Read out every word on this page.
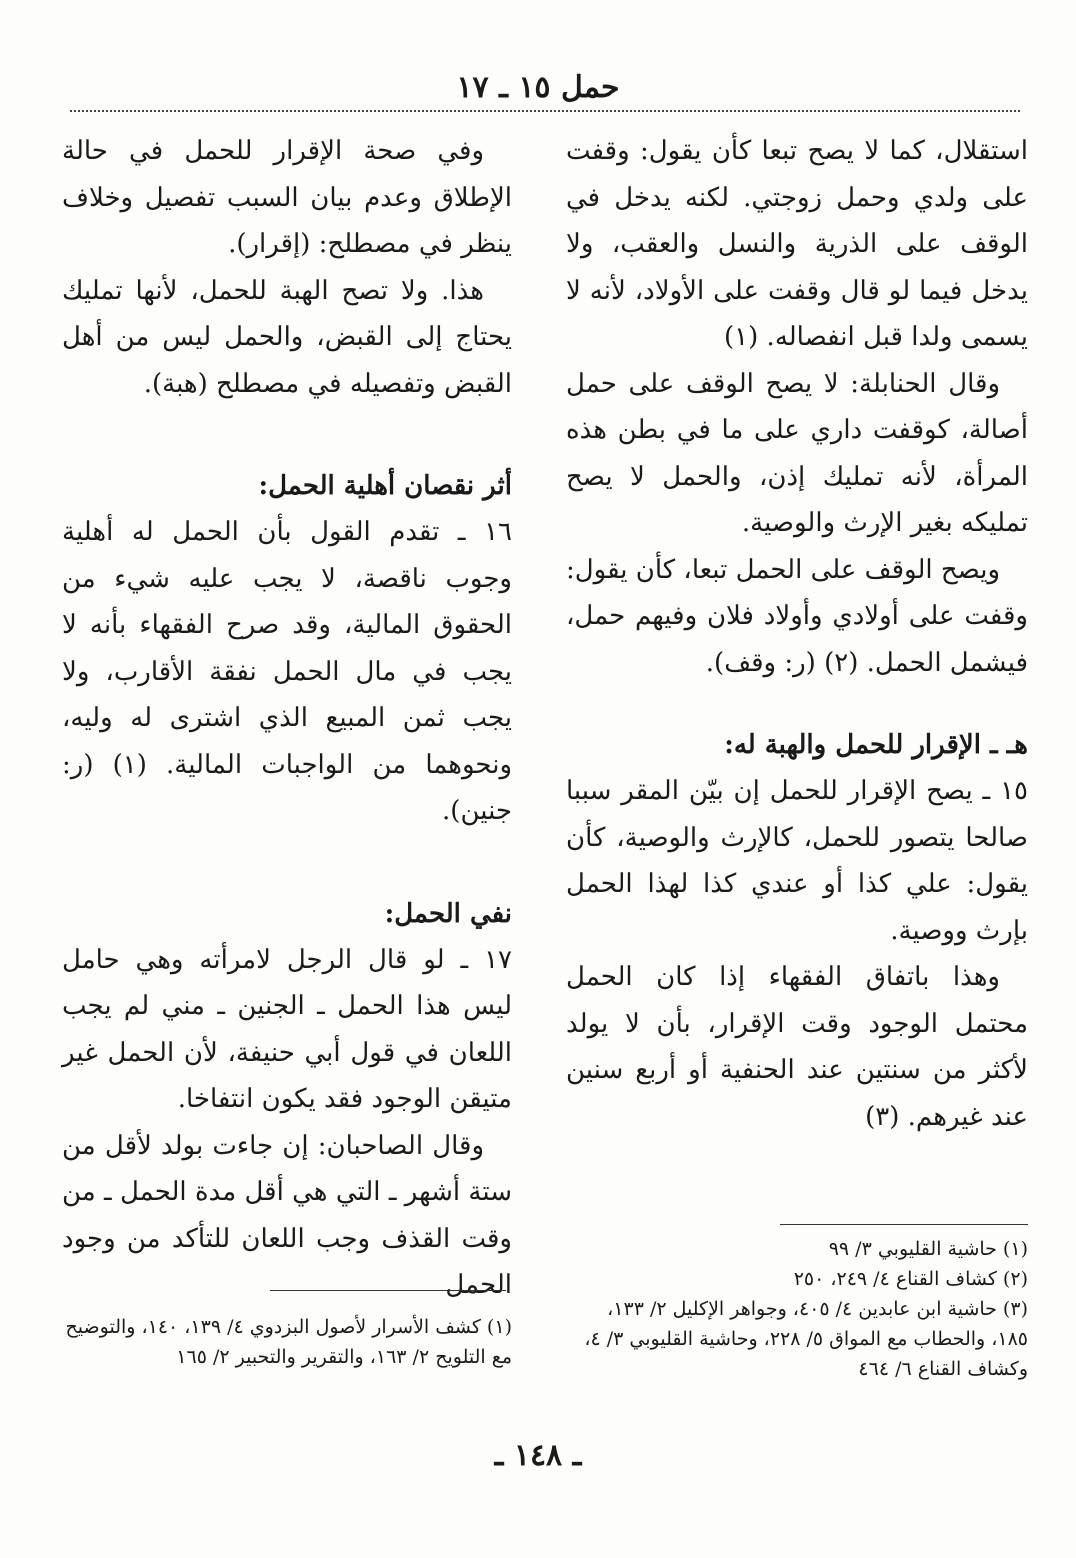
حمل ١٥ ـ ١٧

استقلال، كما لا يصح تبعا كأن يقول: وقفت على ولدي وحمل زوجتي. لكنه يدخل في الوقف على الذرية والنسل والعقب، ولا يدخل فيما لو قال وقفت على الأولاد، لأنه لا يسمى ولدا قبل انفصاله. (١)

وقال الحنابلة: لا يصح الوقف على حمل أصالة، كوقفت داري على ما في بطن هذه المرأة، لأنه تمليك إذن، والحمل لا يصح تمليكه بغير الإرث والوصية.

ويصح الوقف على الحمل تبعا، كأن يقول: وقفت على أولادي وأولاد فلان وفيهم حمل، فيشمل الحمل. (٢) (ر: وقف).

هـ ـ الإقرار للحمل والهبة له:

١٥ ـ يصح الإقرار للحمل إن بيّن المقر سببا صالحا يتصور للحمل، كالإرث والوصية، كأن يقول: علي كذا أو عندي كذا لهذا الحمل بإرث ووصية.

وهذا باتفاق الفقهاء إذا كان الحمل محتمل الوجود وقت الإقرار، بأن لا يولد لأكثر من سنتين عند الحنفية أو أربع سنين عند غيرهم. (٣)

وفي صحة الإقرار للحمل في حالة الإطلاق وعدم بيان السبب تفصيل وخلاف ينظر في مصطلح: (إقرار).

هذا. ولا تصح الهبة للحمل، لأنها تمليك يحتاج إلى القبض، والحمل ليس من أهل القبض وتفصيله في مصطلح (هبة).

أثر نقصان أهلية الحمل:

١٦ ـ تقدم القول بأن الحمل له أهلية وجوب ناقصة، لا يجب عليه شيء من الحقوق المالية، وقد صرح الفقهاء بأنه لا يجب في مال الحمل نفقة الأقارب، ولا يجب ثمن المبيع الذي اشترى له وليه، ونحوهما من الواجبات المالية. (١) (ر: جنين).

نفي الحمل:

١٧ ـ لو قال الرجل لامرأته وهي حامل ليس هذا الحمل ـ الجنين ـ مني لم يجب اللعان في قول أبي حنيفة، لأن الحمل غير متيقن الوجود فقد يكون انتفاخا.

وقال الصاحبان: إن جاءت بولد لأقل من ستة أشهر ـ التي هي أقل مدة الحمل ـ من وقت القذف وجب اللعان للتأكد من وجود الحمل

(١) حاشية القليوبي ٣/ ٩٩

(٢) كشاف القناع ٤/ ٢٤٩، ٢٥٠

(٣) حاشية ابن عابدين ٤/ ٤٠٥، وجواهر الإكليل ٢/ ١٣٣، ١٨٥، والحطاب مع المواق ٥/ ٢٢٨، وحاشية القليوبي ٣/ ٤، وكشاف القناع ٦/ ٤٦٤

(١) كشف الأسرار لأصول البزدوي ٤/ ١٣٩، ١٤٠، والتوضيح مع التلويح ٢/ ١٦٣، والتقرير والتحبير ٢/ ١٦٥

ـ ١٤٨ ـ
